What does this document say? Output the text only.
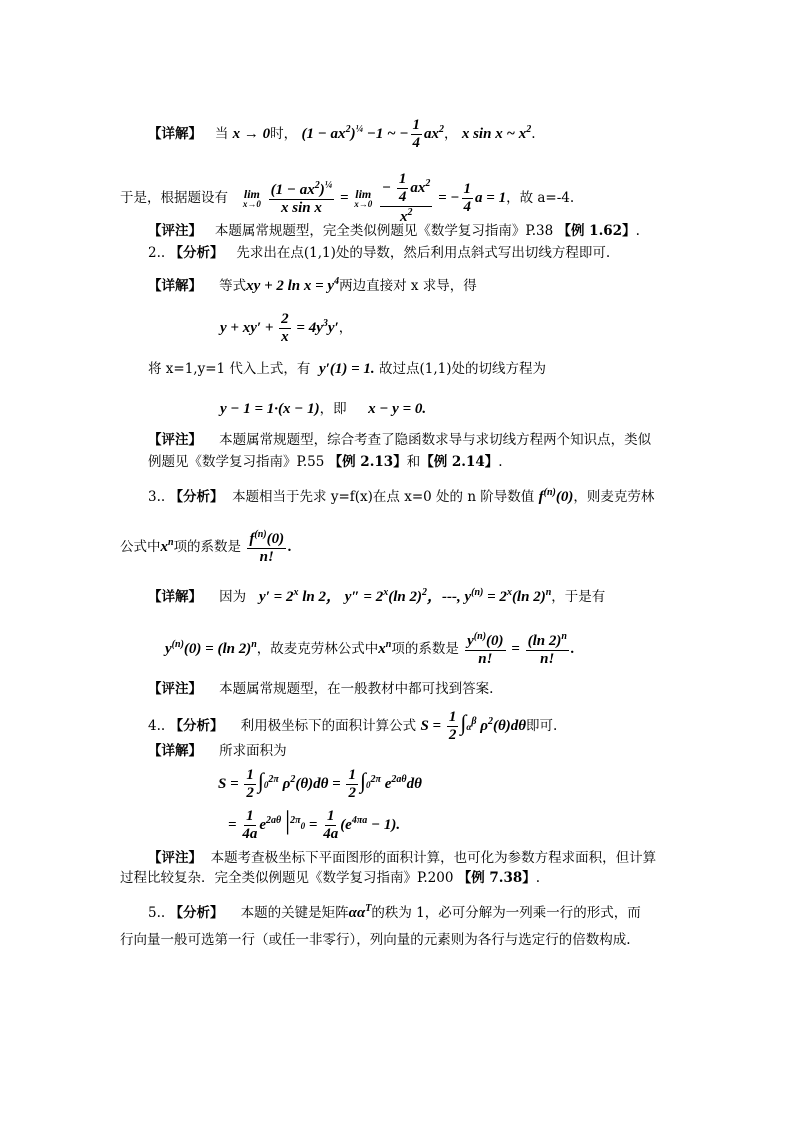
【详解】 当 x → 0时， $(1 - ax^2)^{\frac{1}{4}} -1$ ~ − $\frac{1}{4} ax^2$， x sin x ~ $x^2$.
于是，根据题设有 lim
x→0
$\frac{(1 - ax^2)^{\frac{1}{4}}}{\text{x sin x}} = \lim$
x→0
$\frac{- \frac{1}{4} ax^2}{x^2}$ = − $\frac{1}{4}$ a = 1，故 a=-4.
【评注】 本题属常规题型，完全类似例题见《数学复习指南》P.38 【例 1.62】.
2.. 【分析】 先求出在点(1,1)处的导数，然后利用点斜式写出切线方程即可.
【详解】 等式xy + 2 $\ln x = y^4$两边直接对 x 求导，得
$y + xy' + \frac{2}{x} = 4y^3y'$，
将 x=1,y=1 代入上式，有 y′(1) = 1. 故过点(1,1)处的切线方程为
y − 1 = 1·(x − 1)，即 x − y = 0.
【评注】 本题属常规题型，综合考查了隐函数求导与求切线方程两个知识点，类似
例题见《数学复习指南》P.55 【例 2.13】和【例 2.14】.
3.. 【分析】 本题相当于先求 y=f(x)在点 x=0 处的 n 阶导数值 $f^{(n)}(0)$，则麦克劳林
公式中$x^n$项的系数是 $\frac{f^{(n)}(0)}{n!}$ .
【详解】 因为 $y' = 2^x$ ln 2， $y'' = 2^x(\ln$ 2)$^2$，---, $y^{(n)} = 2^x(\ln$ 2)$^n$，于是有
$y^{(n)}(0) = (\ln$ 2)$^n$，故麦克劳林公式中$x^n$项的系数是 $\frac{y^{(n)}(0)}{n!} = \frac{(\ln 2)^n}{n!}$ .
【评注】 本题属常规题型，在一般教材中都可找到答案.
4.. 【分析】 利用极坐标下的面积计算公式 $S = \frac{1}{2} \int\alpha^\beta$ $\rho^2(\theta)d\theta$即可.
【详解】 所求面积为
$S = \frac{1}{2} \int 0^{2\pi}$ $\rho^2(\theta)d\theta = \frac{1}{2} \int 0^{2\pi}$ $e^{2a\theta}d\theta$
= $\frac{1}{4a} e^{2a\theta}$ $|^{2\pi}0 = \frac{1}{4a} (e^{4\pi a} - 1)$.
【评注】 本题考查极坐标下平面图形的面积计算，也可化为参数方程求面积，但计算
过程比较复杂．完全类似例题见《数学复习指南》P.200 【例 7.38】.
5.. 【分析】 本题的关键是矩阵$\alpha\alpha^T$的秩为 1，必可分解为一列乘一行的形式，而
行向量一般可选第一行（或任一非零行），列向量的元素则为各行与选定行的倍数构成.
